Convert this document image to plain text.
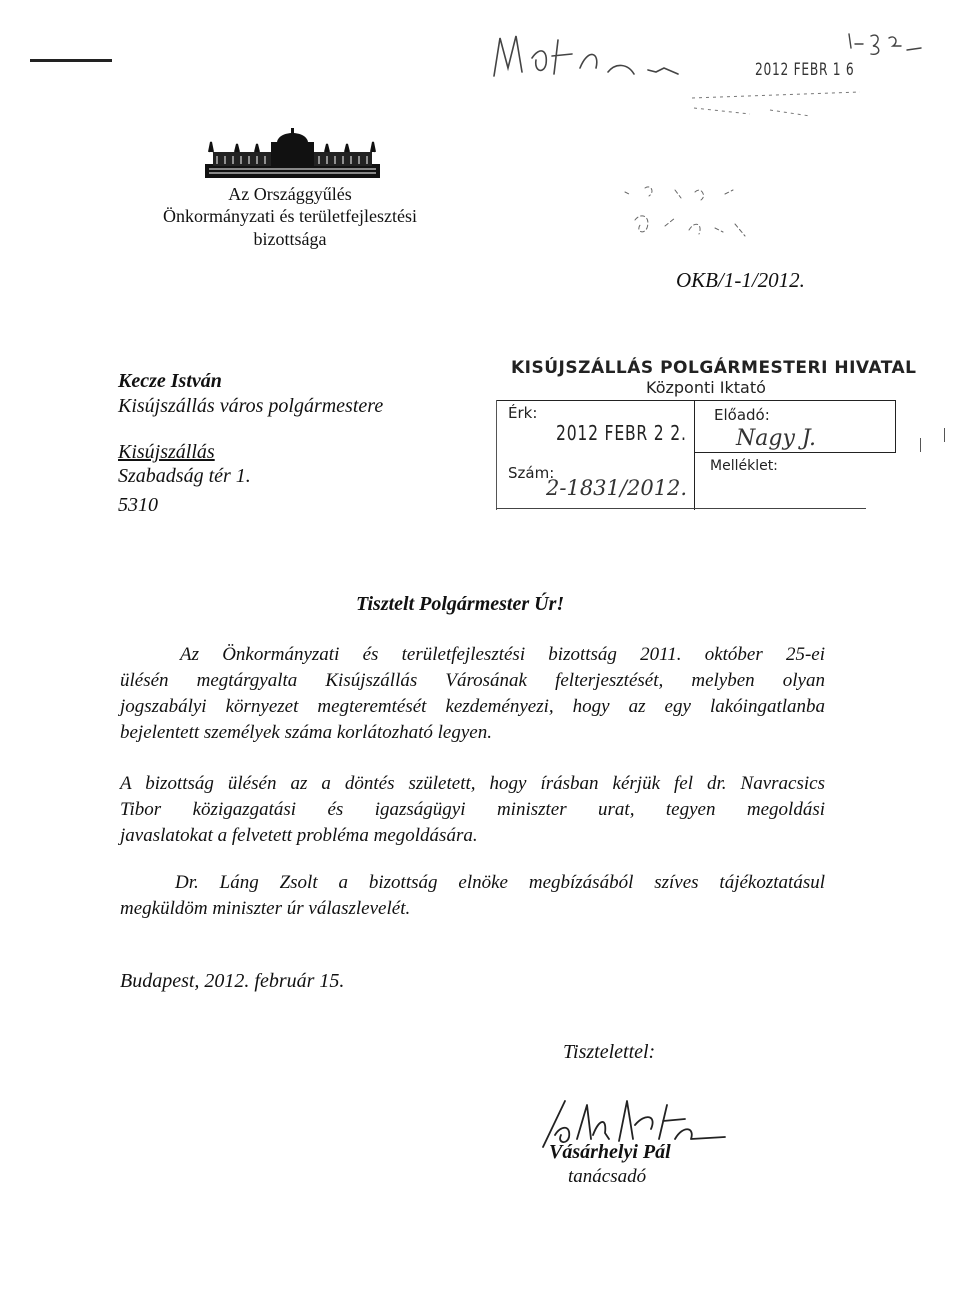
2012 FEBR 1 6
Az Országgyűlés
Önkormányzati és területfejlesztési
bizottsága
OKB/1-1/2012.
Kecze István
Kisújszállás város polgármestere
Kisújszállás
Szabadság tér 1.
5310
KISÚJSZÁLLÁS POLGÁRMESTERI HIVATAL
Központi Iktató
Érk:
2012 FEBR 2 2.
Előadó:
Nagy J.
Szám:
2-1831/2012.
Melléklet:
Tisztelt Polgármester Úr!
Az Önkormányzati és területfejlesztési bizottság 2011. október 25-ei
ülésén megtárgyalta Kisújszállás Városának felterjesztését, melyben olyan
jogszabályi környezet megteremtését kezdeményezi, hogy az egy lakóingatlanba
bejelentett személyek száma korlátozható legyen.
A bizottság ülésén az a döntés született, hogy írásban kérjük fel dr. Navracsics
Tibor közigazgatási és igazságügyi miniszter urat, tegyen megoldási
javaslatokat a felvetett probléma megoldására.
Dr. Láng Zsolt a bizottság elnöke megbízásából szíves tájékoztatásul
megküldöm miniszter úr válaszlevelét.
Budapest, 2012. február 15.
Tisztelettel:
Vásárhelyi Pál
tanácsadó
